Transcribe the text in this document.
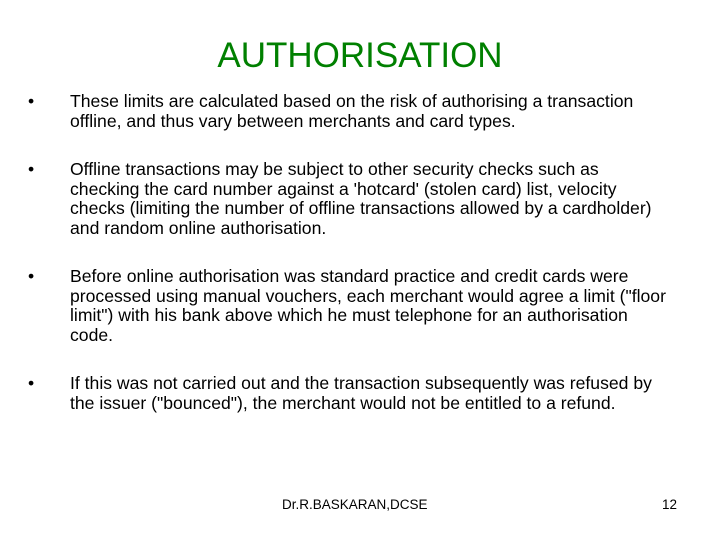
AUTHORISATION
•	These limits are calculated based on the risk of authorising a transaction offline, and thus vary between merchants and card types.
•	Offline transactions may be subject to other security checks such as checking the card number against a 'hotcard' (stolen card) list, velocity checks (limiting the number of offline transactions allowed by a cardholder) and random online authorisation.
•	Before online authorisation was standard practice and credit cards were processed using manual vouchers, each merchant would agree a limit ("floor limit") with his bank above which he must telephone for an authorisation code.
•	If this was not carried out and the transaction subsequently was refused by the issuer ("bounced"), the merchant would not be entitled to a refund.
Dr.R.BASKARAN,DCSE	12
